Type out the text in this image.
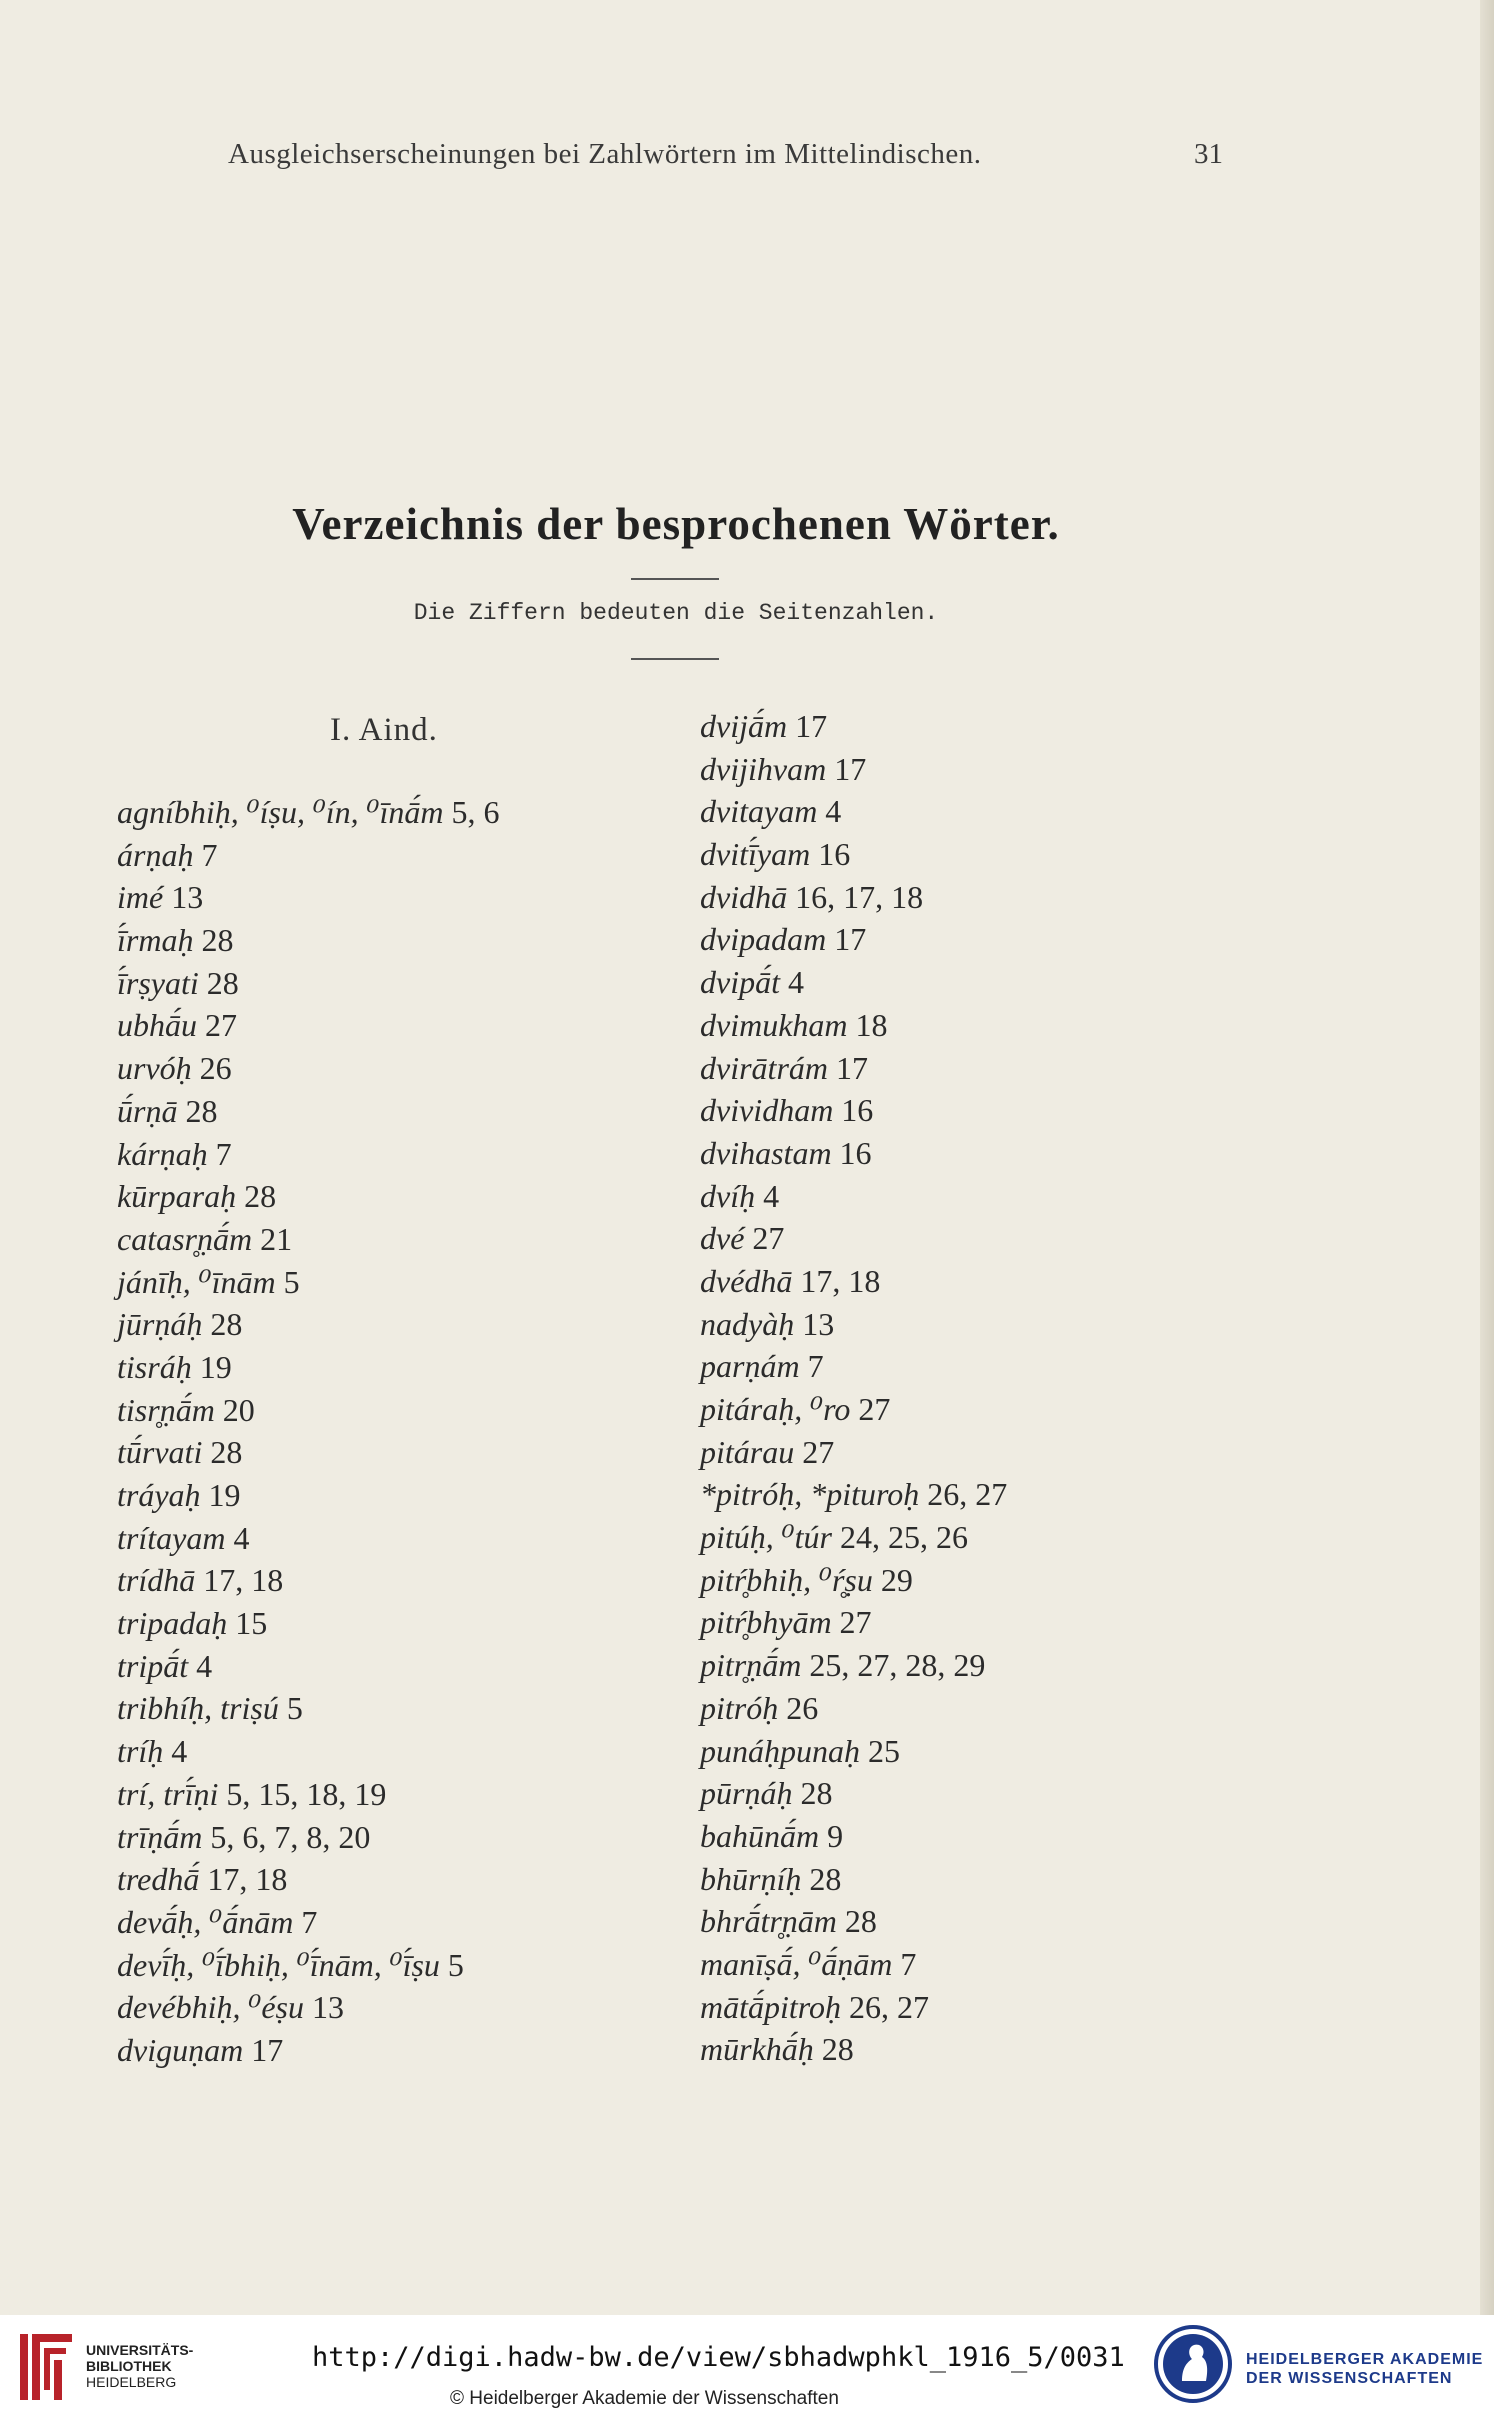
Ausgleichserscheinungen bei Zahlwörtern im Mittelindischen.	31
Verzeichnis der besprochenen Wörter.
Die Ziffern bedeuten die Seitenzahlen.
I. Aind.
agníbhiḥ, ⁰íṣu, ⁰ín, ⁰īnā́m 5, 6
árṇaḥ 7
imé 13
ī́rmaḥ 28
ī́rṣyati 28
ubhā́u 27
urvóḥ 26
ū́rṇā 28
kárṇaḥ 7
kūrparaḥ 28
catasr̥ṇā́m 21
jánīḥ, ⁰īnām 5
jūrṇáḥ 28
tisráḥ 19
tisr̥ṇā́m 20
tū́rvati 28
tráyaḥ 19
trítayam 4
trídhā 17, 18
tripadaḥ 15
tripā́t 4
tribhíḥ, triṣú 5
tríḥ 4
trí, trī́ṇi 5, 15, 18, 19
trīṇā́m 5, 6, 7, 8, 20
tredhā́ 17, 18
devā́ḥ, ⁰ā́nām 7
devī́ḥ, ⁰ī́bhiḥ, ⁰ī́nām, ⁰ī́ṣu 5
devébhiḥ, ⁰éṣu 13
dviguṇam 17
dvijā́m 17
dvijihvam 17
dvitayam 4
dvitī́yam 16
dvidhā 16, 17, 18
dvipadam 17
dvipā́t 4
dvimukham 18
dvirātrám 17
dvividham 16
dvihastam 16
dvíḥ 4
dvé 27
dvédhā 17, 18
nadyàḥ 13
parṇám 7
pitáraḥ, ⁰ro 27
pitárau 27
*pitróḥ, *pituroḥ 26, 27
pitúḥ, ⁰túr 24, 25, 26
pitŕ̥bhiḥ, ⁰ŕ̥ṣu 29
pitŕ̥bhyām 27
pitr̥ṇā́m 25, 27, 28, 29
pitróḥ 26
punáḥpunaḥ 25
pūrṇáḥ 28
bahūnā́m 9
bhūrṇíḥ 28
bhrā́tr̥ṇām 28
manīṣā́, ⁰ā́ṇām 7
mātā́pitroḥ 26, 27
mūrkhā́ḥ 28
UNIVERSITÄTS-
BIBLIOTHEK
HEIDELBERG
http://digi.hadw-bw.de/view/sbhadwphkl_1916_5/0031
© Heidelberger Akademie der Wissenschaften
HEIDELBERGER AKADEMIE
DER WISSENSCHAFTEN
